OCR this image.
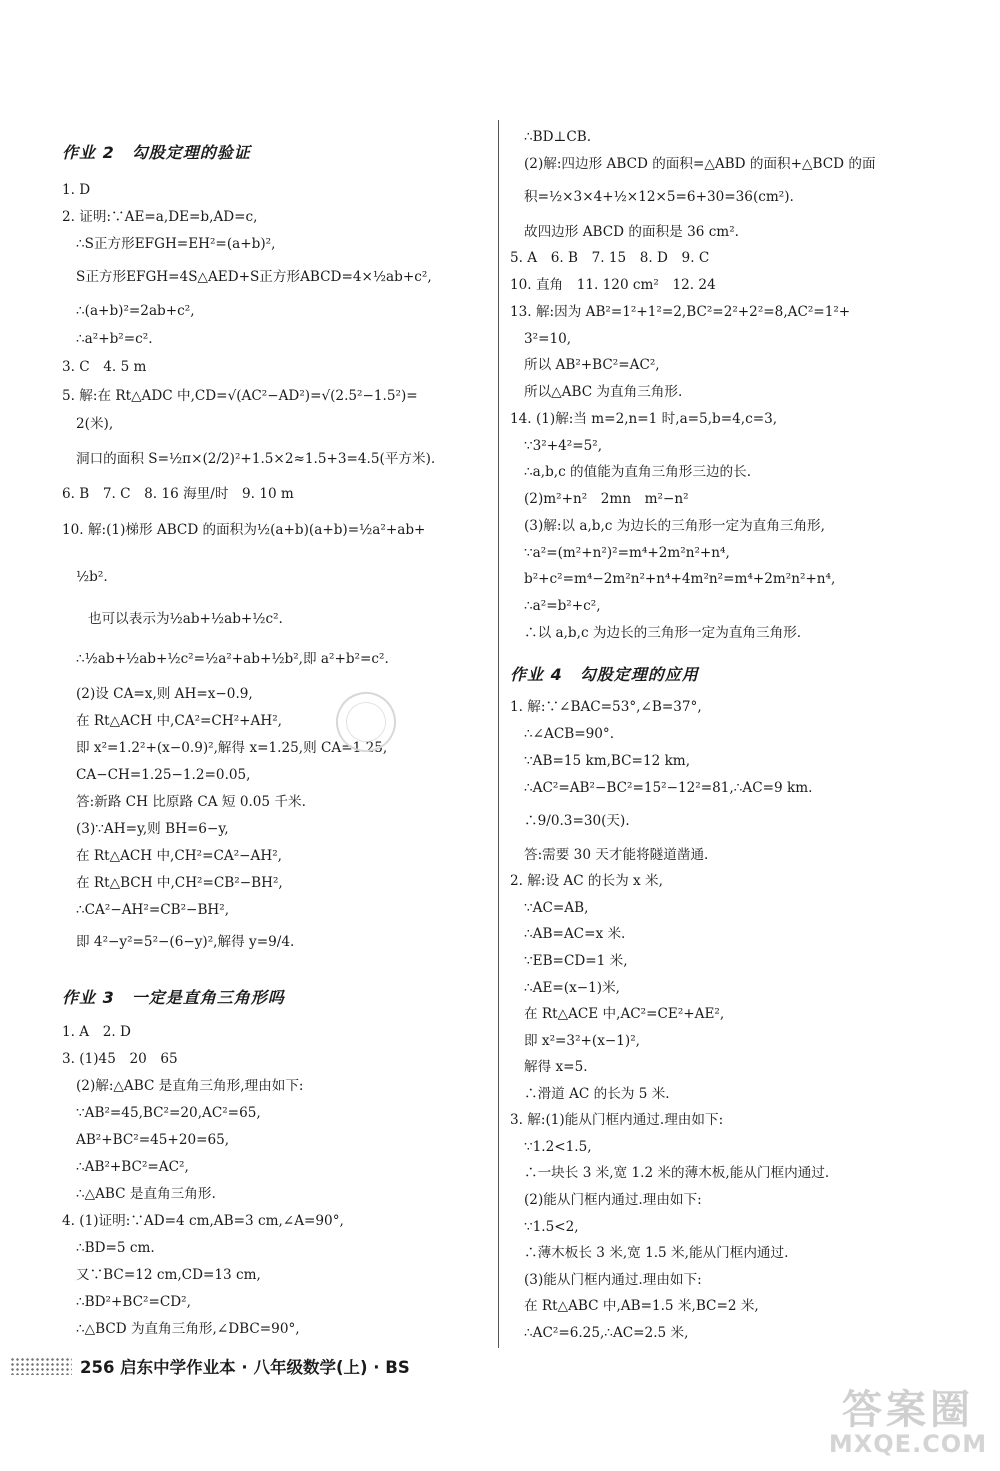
作业 2　勾股定理的验证
1. D
2. 证明:∵AE=a,DE=b,AD=c,
∴S正方形EFGH=EH²=(a+b)²,
S正方形EFGH=4S△AED+S正方形ABCD=4×½ab+c²,
∴(a+b)²=2ab+c²,
∴a²+b²=c².
3. C　4. 5 m
5. 解:在 Rt△ADC 中,CD=√(AC²−AD²)=√(2.5²−1.5²)=
2(米),
洞口的面积 S=½π×(2/2)²+1.5×2≈1.5+3=4.5(平方米).
6. B　7. C　8. 16 海里/时　9. 10 m
10. 解:(1)梯形 ABCD 的面积为½(a+b)(a+b)=½a²+ab+
½b².
也可以表示为½ab+½ab+½c².
∴½ab+½ab+½c²=½a²+ab+½b²,即 a²+b²=c².
(2)设 CA=x,则 AH=x−0.9,
在 Rt△ACH 中,CA²=CH²+AH²,
即 x²=1.2²+(x−0.9)²,解得 x=1.25,则 CA=1.25,
CA−CH=1.25−1.2=0.05,
答:新路 CH 比原路 CA 短 0.05 千米.
(3)∵AH=y,则 BH=6−y,
在 Rt△ACH 中,CH²=CA²−AH²,
在 Rt△BCH 中,CH²=CB²−BH²,
∴CA²−AH²=CB²−BH²,
即 4²−y²=5²−(6−y)²,解得 y=9/4.
作业 3　一定是直角三角形吗
1. A　2. D
3. (1)45　20　65
(2)解:△ABC 是直角三角形,理由如下:
∵AB²=45,BC²=20,AC²=65,
AB²+BC²=45+20=65,
∴AB²+BC²=AC²,
∴△ABC 是直角三角形.
4. (1)证明:∵AD=4 cm,AB=3 cm,∠A=90°,
∴BD=5 cm.
又∵BC=12 cm,CD=13 cm,
∴BD²+BC²=CD²,
∴△BCD 为直角三角形,∠DBC=90°,
∴BD⊥CB.
(2)解:四边形 ABCD 的面积=△ABD 的面积+△BCD 的面
积=½×3×4+½×12×5=6+30=36(cm²).
故四边形 ABCD 的面积是 36 cm².
5. A　6. B　7. 15　8. D　9. C
10. 直角　11. 120 cm²　12. 24
13. 解:因为 AB²=1²+1²=2,BC²=2²+2²=8,AC²=1²+
3²=10,
所以 AB²+BC²=AC²,
所以△ABC 为直角三角形.
14. (1)解:当 m=2,n=1 时,a=5,b=4,c=3,
∵3²+4²=5²,
∴a,b,c 的值能为直角三角形三边的长.
(2)m²+n²　2mn　m²−n²
(3)解:以 a,b,c 为边长的三角形一定为直角三角形,
∵a²=(m²+n²)²=m⁴+2m²n²+n⁴,
b²+c²=m⁴−2m²n²+n⁴+4m²n²=m⁴+2m²n²+n⁴,
∴a²=b²+c²,
∴以 a,b,c 为边长的三角形一定为直角三角形.
作业 4　勾股定理的应用
1. 解:∵∠BAC=53°,∠B=37°,
∴∠ACB=90°.
∵AB=15 km,BC=12 km,
∴AC²=AB²−BC²=15²−12²=81,∴AC=9 km.
∴9/0.3=30(天).
答:需要 30 天才能将隧道凿通.
2. 解:设 AC 的长为 x 米,
∵AC=AB,
∴AB=AC=x 米.
∵EB=CD=1 米,
∴AE=(x−1)米,
在 Rt△ACE 中,AC²=CE²+AE²,
即 x²=3²+(x−1)²,
解得 x=5.
∴滑道 AC 的长为 5 米.
3. 解:(1)能从门框内通过.理由如下:
∵1.2<1.5,
∴一块长 3 米,宽 1.2 米的薄木板,能从门框内通过.
(2)能从门框内通过.理由如下:
∵1.5<2,
∴薄木板长 3 米,宽 1.5 米,能从门框内通过.
(3)能从门框内通过.理由如下:
在 Rt△ABC 中,AB=1.5 米,BC=2 米,
∴AC²=6.25,∴AC=2.5 米,
256 启东中学作业本 · 八年级数学(上) · BS
答案圈
MXQE.COM
